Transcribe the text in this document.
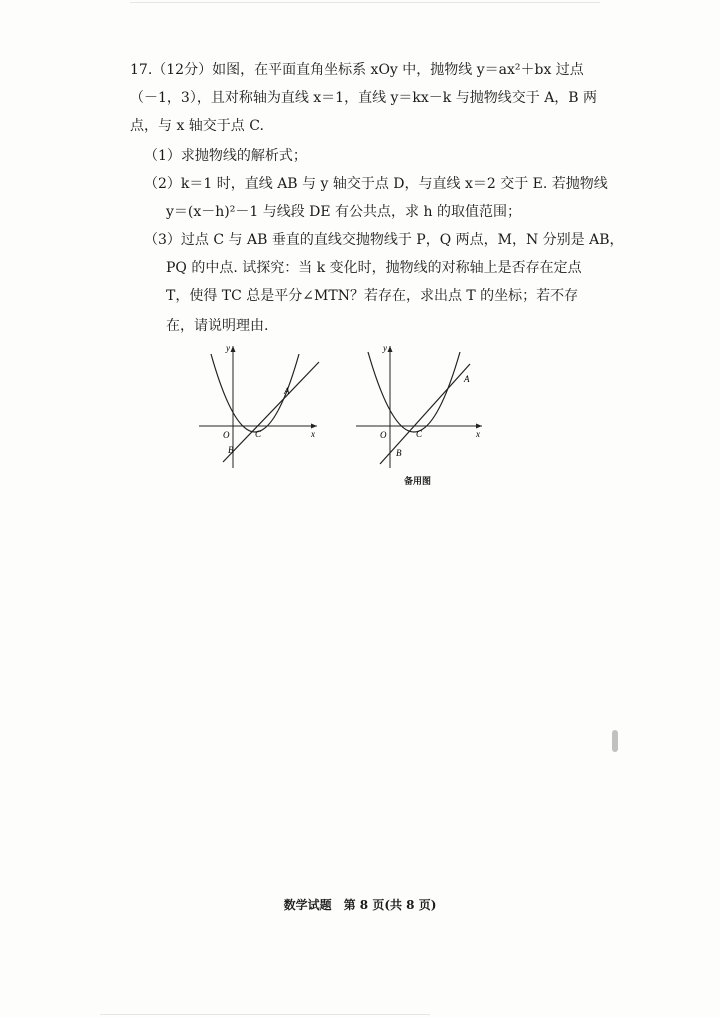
17.（12分）如图，在平面直角坐标系 xOy 中，抛物线 y＝ax²＋bx 过点
（－1，3），且对称轴为直线 x＝1，直线 y＝kx－k 与抛物线交于 A，B 两
点，与 x 轴交于点 C.
（1）求抛物线的解析式；
（2）k＝1 时，直线 AB 与 y 轴交于点 D，与直线 x＝2 交于 E. 若抛物线
y＝(x－h)²－1 与线段 DE 有公共点，求 h 的取值范围；
（3）过点 C 与 AB 垂直的直线交抛物线于 P，Q 两点，M，N 分别是 AB，
PQ 的中点. 试探究：当 k 变化时，抛物线的对称轴上是否存在定点
T，使得 TC 总是平分∠MTN？若存在，求出点 T 的坐标；若不存
在，请说明理由.
O	C
B
A
y
x	O	C
B
A
y
x
备用图
数学试题　第 8 页(共 8 页)
